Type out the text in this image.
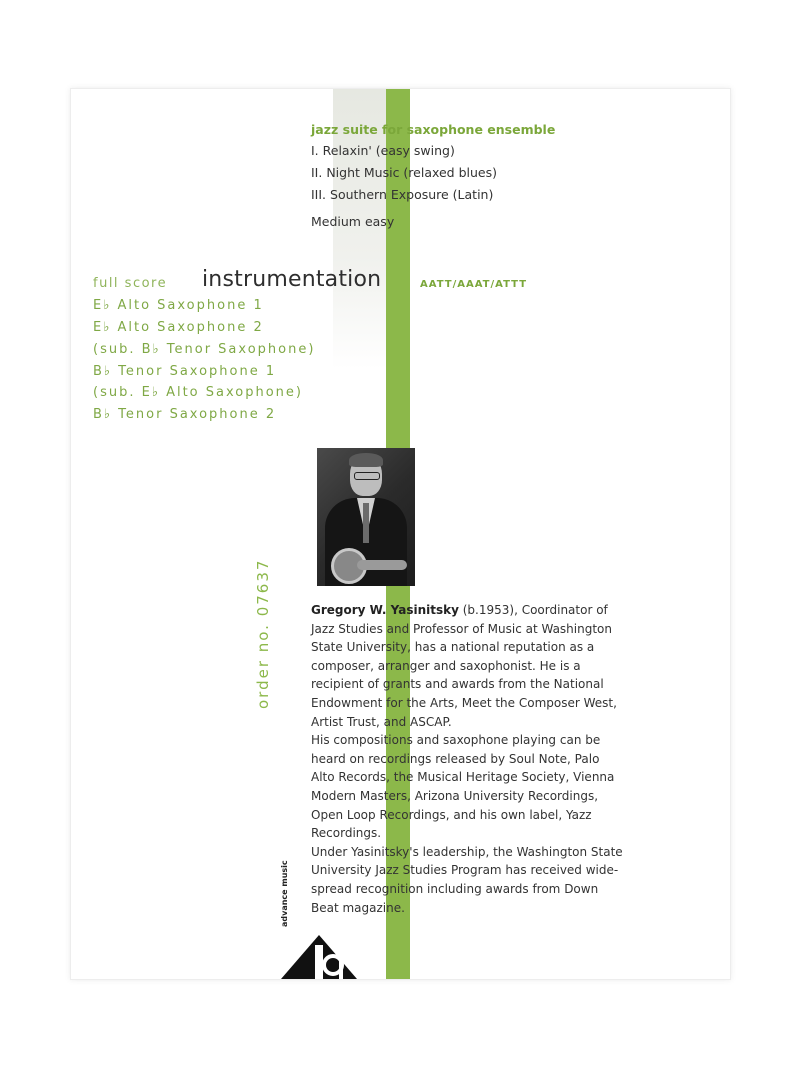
jazz suite for saxophone ensemble
I. Relaxin' (easy swing)
II. Night Music (relaxed blues)
III. Southern Exposure (Latin)
Medium easy
full score instrumentation	AATT/AAAT/ATTT
E♭ Alto Saxophone 1
E♭ Alto Saxophone 2
(sub. B♭ Tenor Saxophone)
B♭ Tenor Saxophone 1
(sub. E♭ Alto Saxophone)
B♭ Tenor Saxophone 2
order no. 07637	Gregory W. Yasinitsky (b.1953), Coordinator of Jazz Studies and Professor of Music at Washington State University, has a national reputation as a composer, arranger and saxophonist. He is a recipient of grants and awards from the National Endowment for the Arts, Meet the Composer West, Artist Trust, and ASCAP.

His compositions and saxophone playing can be heard on recordings released by Soul Note, Palo Alto Records, the Musical Heritage Society, Vienna Modern Masters, Arizona University Recordings, Open Loop Recordings, and his own label, Yazz Recordings.

Under Yasinitsky's leadership, the Washington State University Jazz Studies Program has received wide-spread recognition including awards from Down Beat magazine.

advance music
